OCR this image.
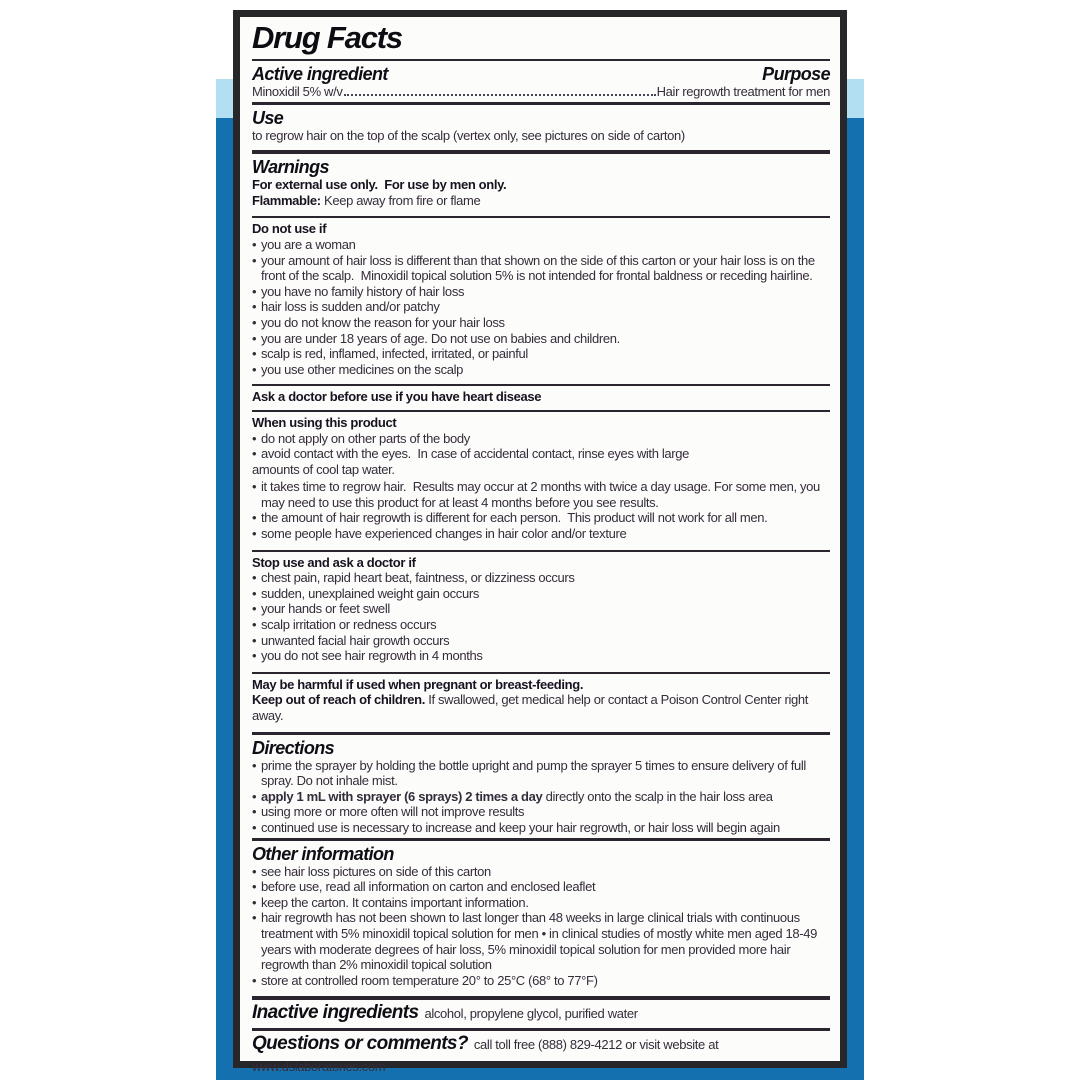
Drug Facts
Active ingredient	Purpose
Minoxidil 5% w/v	Hair regrowth treatment for men
Use
to regrow hair on the top of the scalp (vertex only, see pictures on side of carton)
Warnings
For external use only.  For use by men only.
Flammable: Keep away from fire or flame
Do not use if
• you are a woman
• your amount of hair loss is different than that shown on the side of this carton or your hair loss is on the front of the scalp.  Minoxidil topical solution 5% is not intended for frontal baldness or receding hairline.
• you have no family history of hair loss
• hair loss is sudden and/or patchy
• you do not know the reason for your hair loss
• you are under 18 years of age. Do not use on babies and children.
• scalp is red, inflamed, infected, irritated, or painful
• you use other medicines on the scalp
Ask a doctor before use if you have heart disease
When using this product
• do not apply on other parts of the body
• avoid contact with the eyes.  In case of accidental contact, rinse eyes with large
amounts of cool tap water.
• it takes time to regrow hair.  Results may occur at 2 months with twice a day usage. For some men, you may need to use this product for at least 4 months before you see results.
• the amount of hair regrowth is different for each person.  This product will not work for all men.
• some people have experienced changes in hair color and/or texture
Stop use and ask a doctor if
• chest pain, rapid heart beat, faintness, or dizziness occurs
• sudden, unexplained weight gain occurs
• your hands or feet swell
• scalp irritation or redness occurs
• unwanted facial hair growth occurs
• you do not see hair regrowth in 4 months
May be harmful if used when pregnant or breast-feeding.
Keep out of reach of children. If swallowed, get medical help or contact a Poison Control Center right away.
Directions
• prime the sprayer by holding the bottle upright and pump the sprayer 5 times to ensure delivery of full spray. Do not inhale mist.
• apply 1 mL with sprayer (6 sprays) 2 times a day directly onto the scalp in the hair loss area
• using more or more often will not improve results
• continued use is necessary to increase and keep your hair regrowth, or hair loss will begin again
Other information
• see hair loss pictures on side of this carton
• before use, read all information on carton and enclosed leaflet
• keep the carton. It contains important information.
• hair regrowth has not been shown to last longer than 48 weeks in large clinical trials with continuous treatment with 5% minoxidil topical solution for men • in clinical studies of mostly white men aged 18-49 years with moderate degrees of hair loss, 5% minoxidil topical solution for men provided more hair regrowth than 2% minoxidil topical solution
• store at controlled room temperature 20° to 25°C (68° to 77°F)
Inactive ingredients alcohol, propylene glycol, purified water
Questions or comments? call toll free (888) 829-4212 or visit website at www.dslaboratories.com
